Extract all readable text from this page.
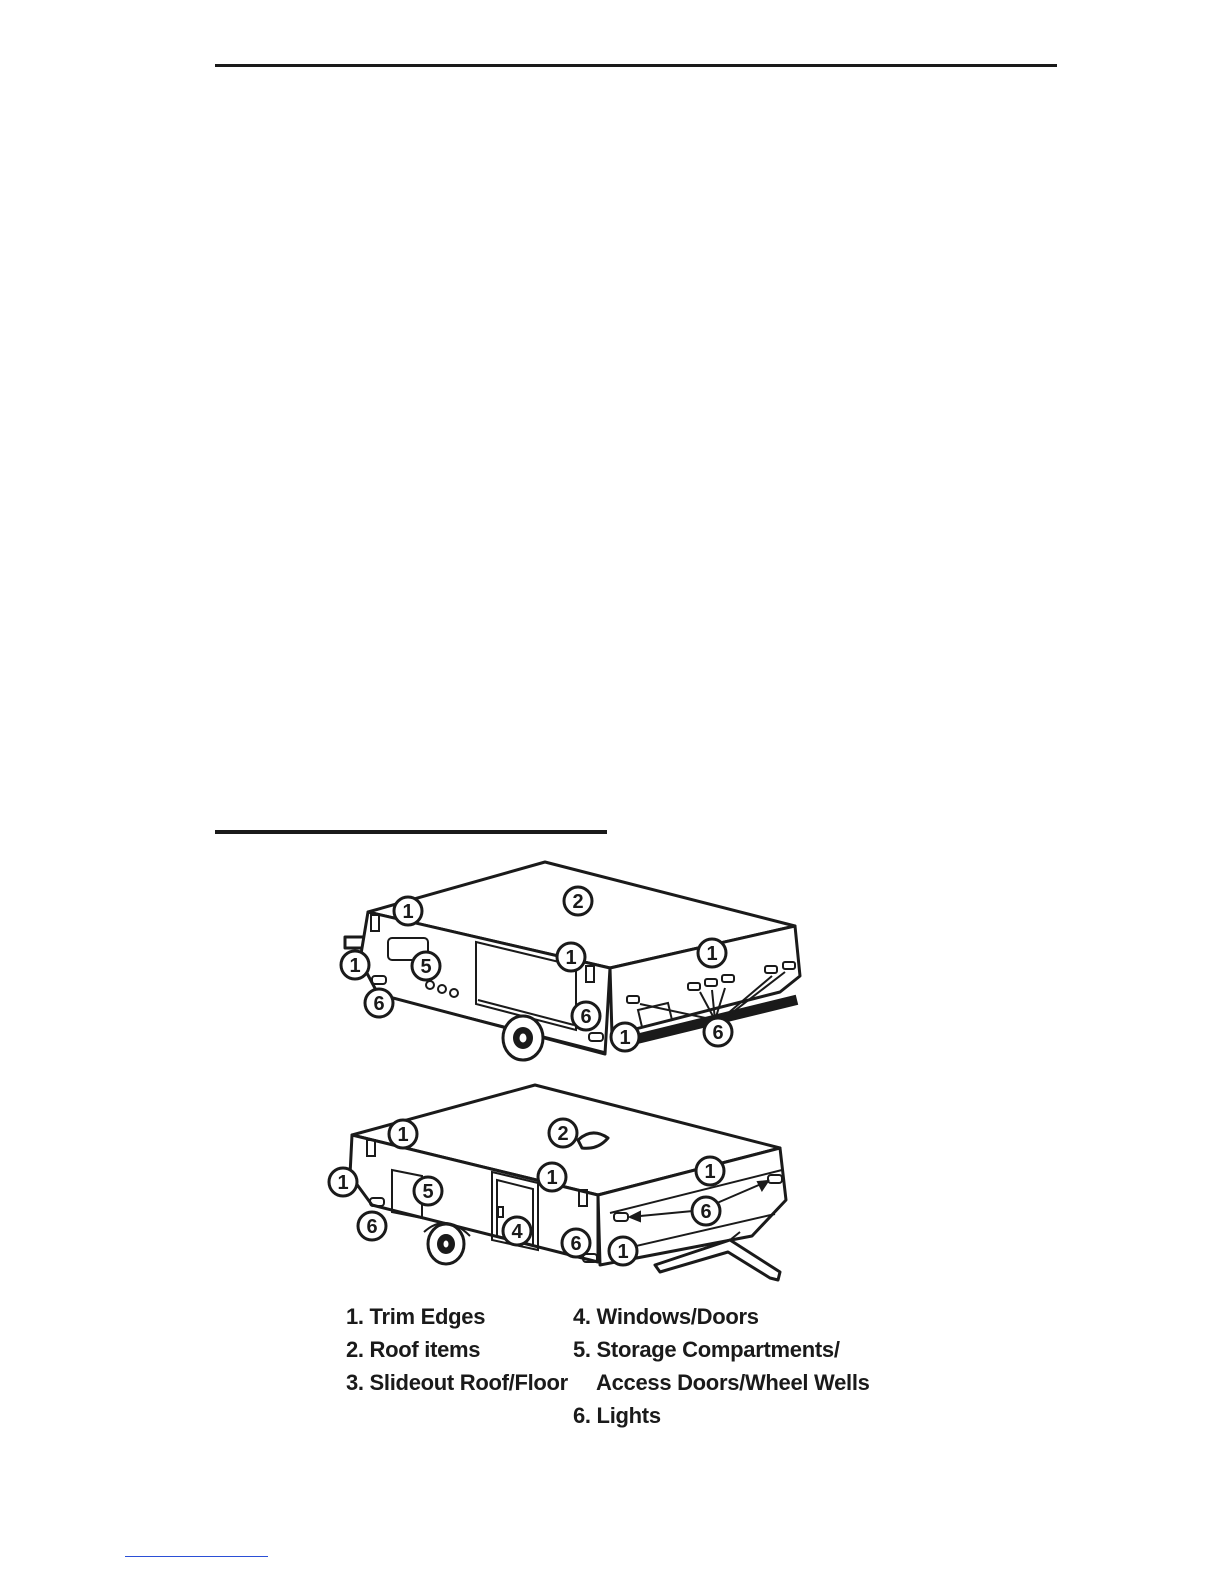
1	2
1	5	1	1
6
6
1	6
1	2
1	1	1
5
6	4
6 1
6
1. Trim Edges
2. Roof items
3. Slideout Roof/Floor
4. Windows/Doors
5. Storage Compartments/
Access Doors/Wheel Wells
6. Lights
